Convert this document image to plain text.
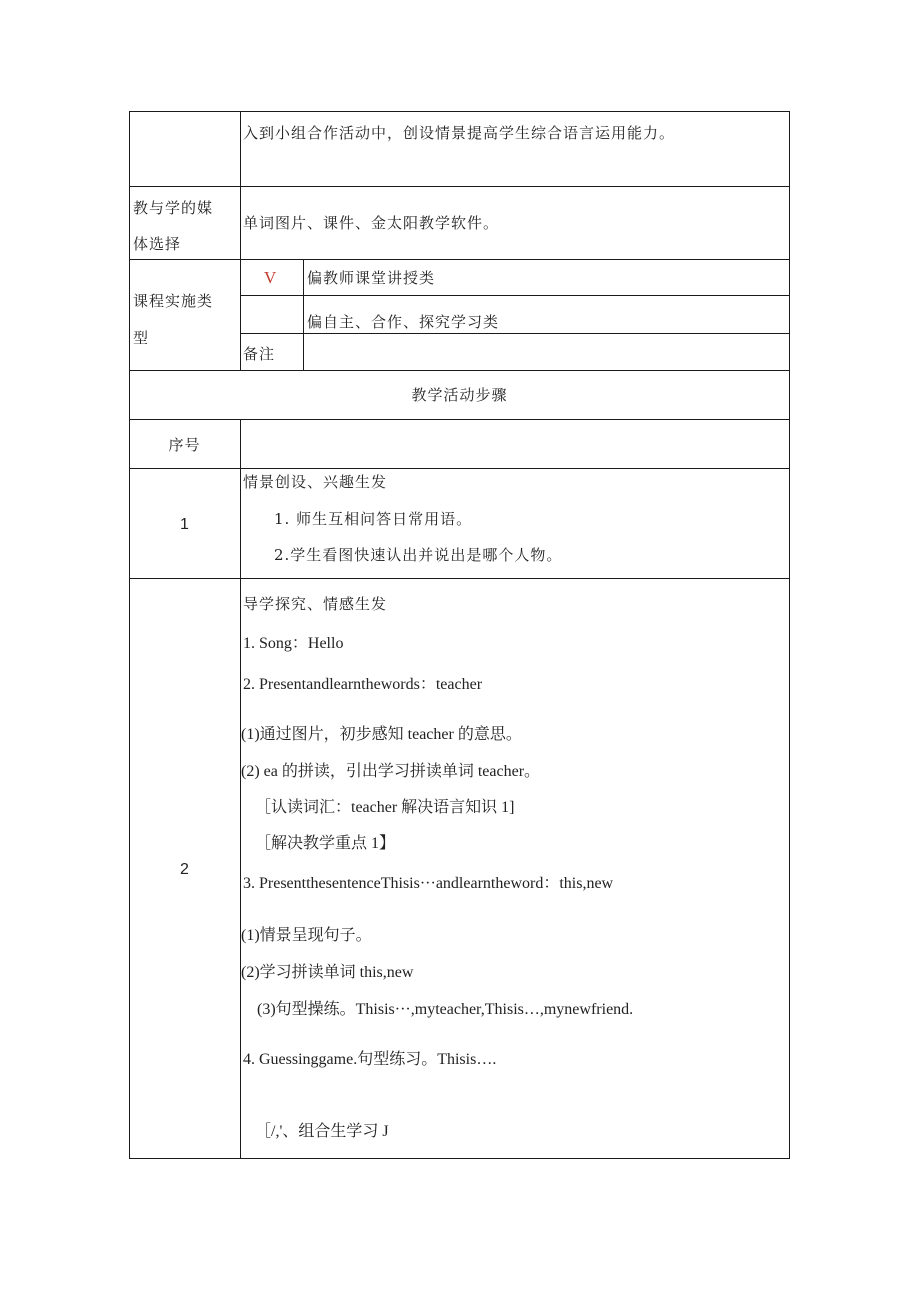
入到小组合作活动中，创设情景提高学生综合语言运用能力。
教与学的媒
体选择
单词图片、课件、金太阳教学软件。
课程实施类
型
V 偏教师课堂讲授类
偏自主、合作、探究学习类
备注
教学活动步骤
序号
1
情景创设、兴趣生发
1. 师生互相问答日常用语。
2.学生看图快速认出并说出是哪个人物。
2
导学探究、情感生发
1. Song：Hello
2. Presentandlearnthewords：teacher
(1)通过图片，初步感知 teacher 的意思。
(2) ea 的拼读，引出学习拼读单词 teacher。
［认读词汇：teacher 解决语言知识 1]
［解决教学重点 1】
3. PresentthesentenceThisis···andlearntheword：this,new
(1)情景呈现句子。
(2)学习拼读单词 this,new
(3)句型操练。Thisis···,myteacher,Thisis…,mynewfriend.
4. Guessinggame.句型练习。Thisis….
［/,'、组合生学习 J
